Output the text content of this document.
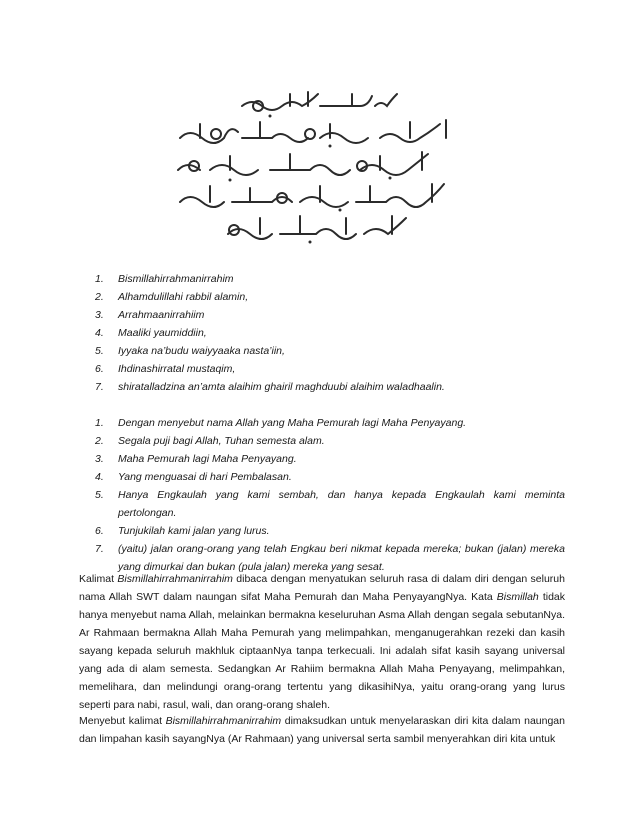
1. Bismillahirrahmanirrahim
2. Alhamdulillahi rabbil alamin,
3. Arrahmaanirrahiim
4. Maaliki yaumiddiin,
5. Iyyaka na’budu waiyyaaka nasta’iin,
6. Ihdinashirratal mustaqim,
7. shiratalladzina an’amta alaihim ghairil maghduubi alaihim waladhaalin.
1. Dengan menyebut nama Allah yang Maha Pemurah lagi Maha Penyayang.
2. Segala puji bagi Allah, Tuhan semesta alam.
3. Maha Pemurah lagi Maha Penyayang.
4. Yang menguasai di hari Pembalasan.
5. Hanya Engkaulah yang kami sembah, dan hanya kepada Engkaulah kami meminta pertolongan.
6. Tunjukilah kami jalan yang lurus.
7. (yaitu) jalan orang-orang yang telah Engkau beri nikmat kepada mereka; bukan (jalan) mereka yang dimurkai dan bukan (pula jalan) mereka yang sesat.

Kalimat Bismillahirrahmanirrahim dibaca dengan menyatukan seluruh rasa di dalam diri dengan seluruh nama Allah SWT dalam naungan sifat Maha Pemurah dan Maha PenyayangNya. Kata Bismillah tidak hanya menyebut nama Allah, melainkan bermakna keseluruhan Asma Allah dengan segala sebutanNya. Ar Rahmaan bermakna Allah Maha Pemurah yang melimpahkan, menganugerahkan rezeki dan kasih sayang kepada seluruh makhluk ciptaanNya tanpa terkecuali. Ini adalah sifat kasih sayang universal yang ada di alam semesta. Sedangkan Ar Rahiim bermakna Allah Maha Penyayang, melimpahkan, memelihara, dan melindungi orang-orang tertentu yang dikasihiNya, yaitu orang-orang yang lurus seperti para nabi, rasul, wali, dan orang-orang shaleh.

Menyebut kalimat Bismillahirrahmanirrahim dimaksudkan untuk menyelaraskan diri kita dalam naungan dan limpahan kasih sayangNya (Ar Rahmaan) yang universal serta sambil menyerahkan diri kita untuk
